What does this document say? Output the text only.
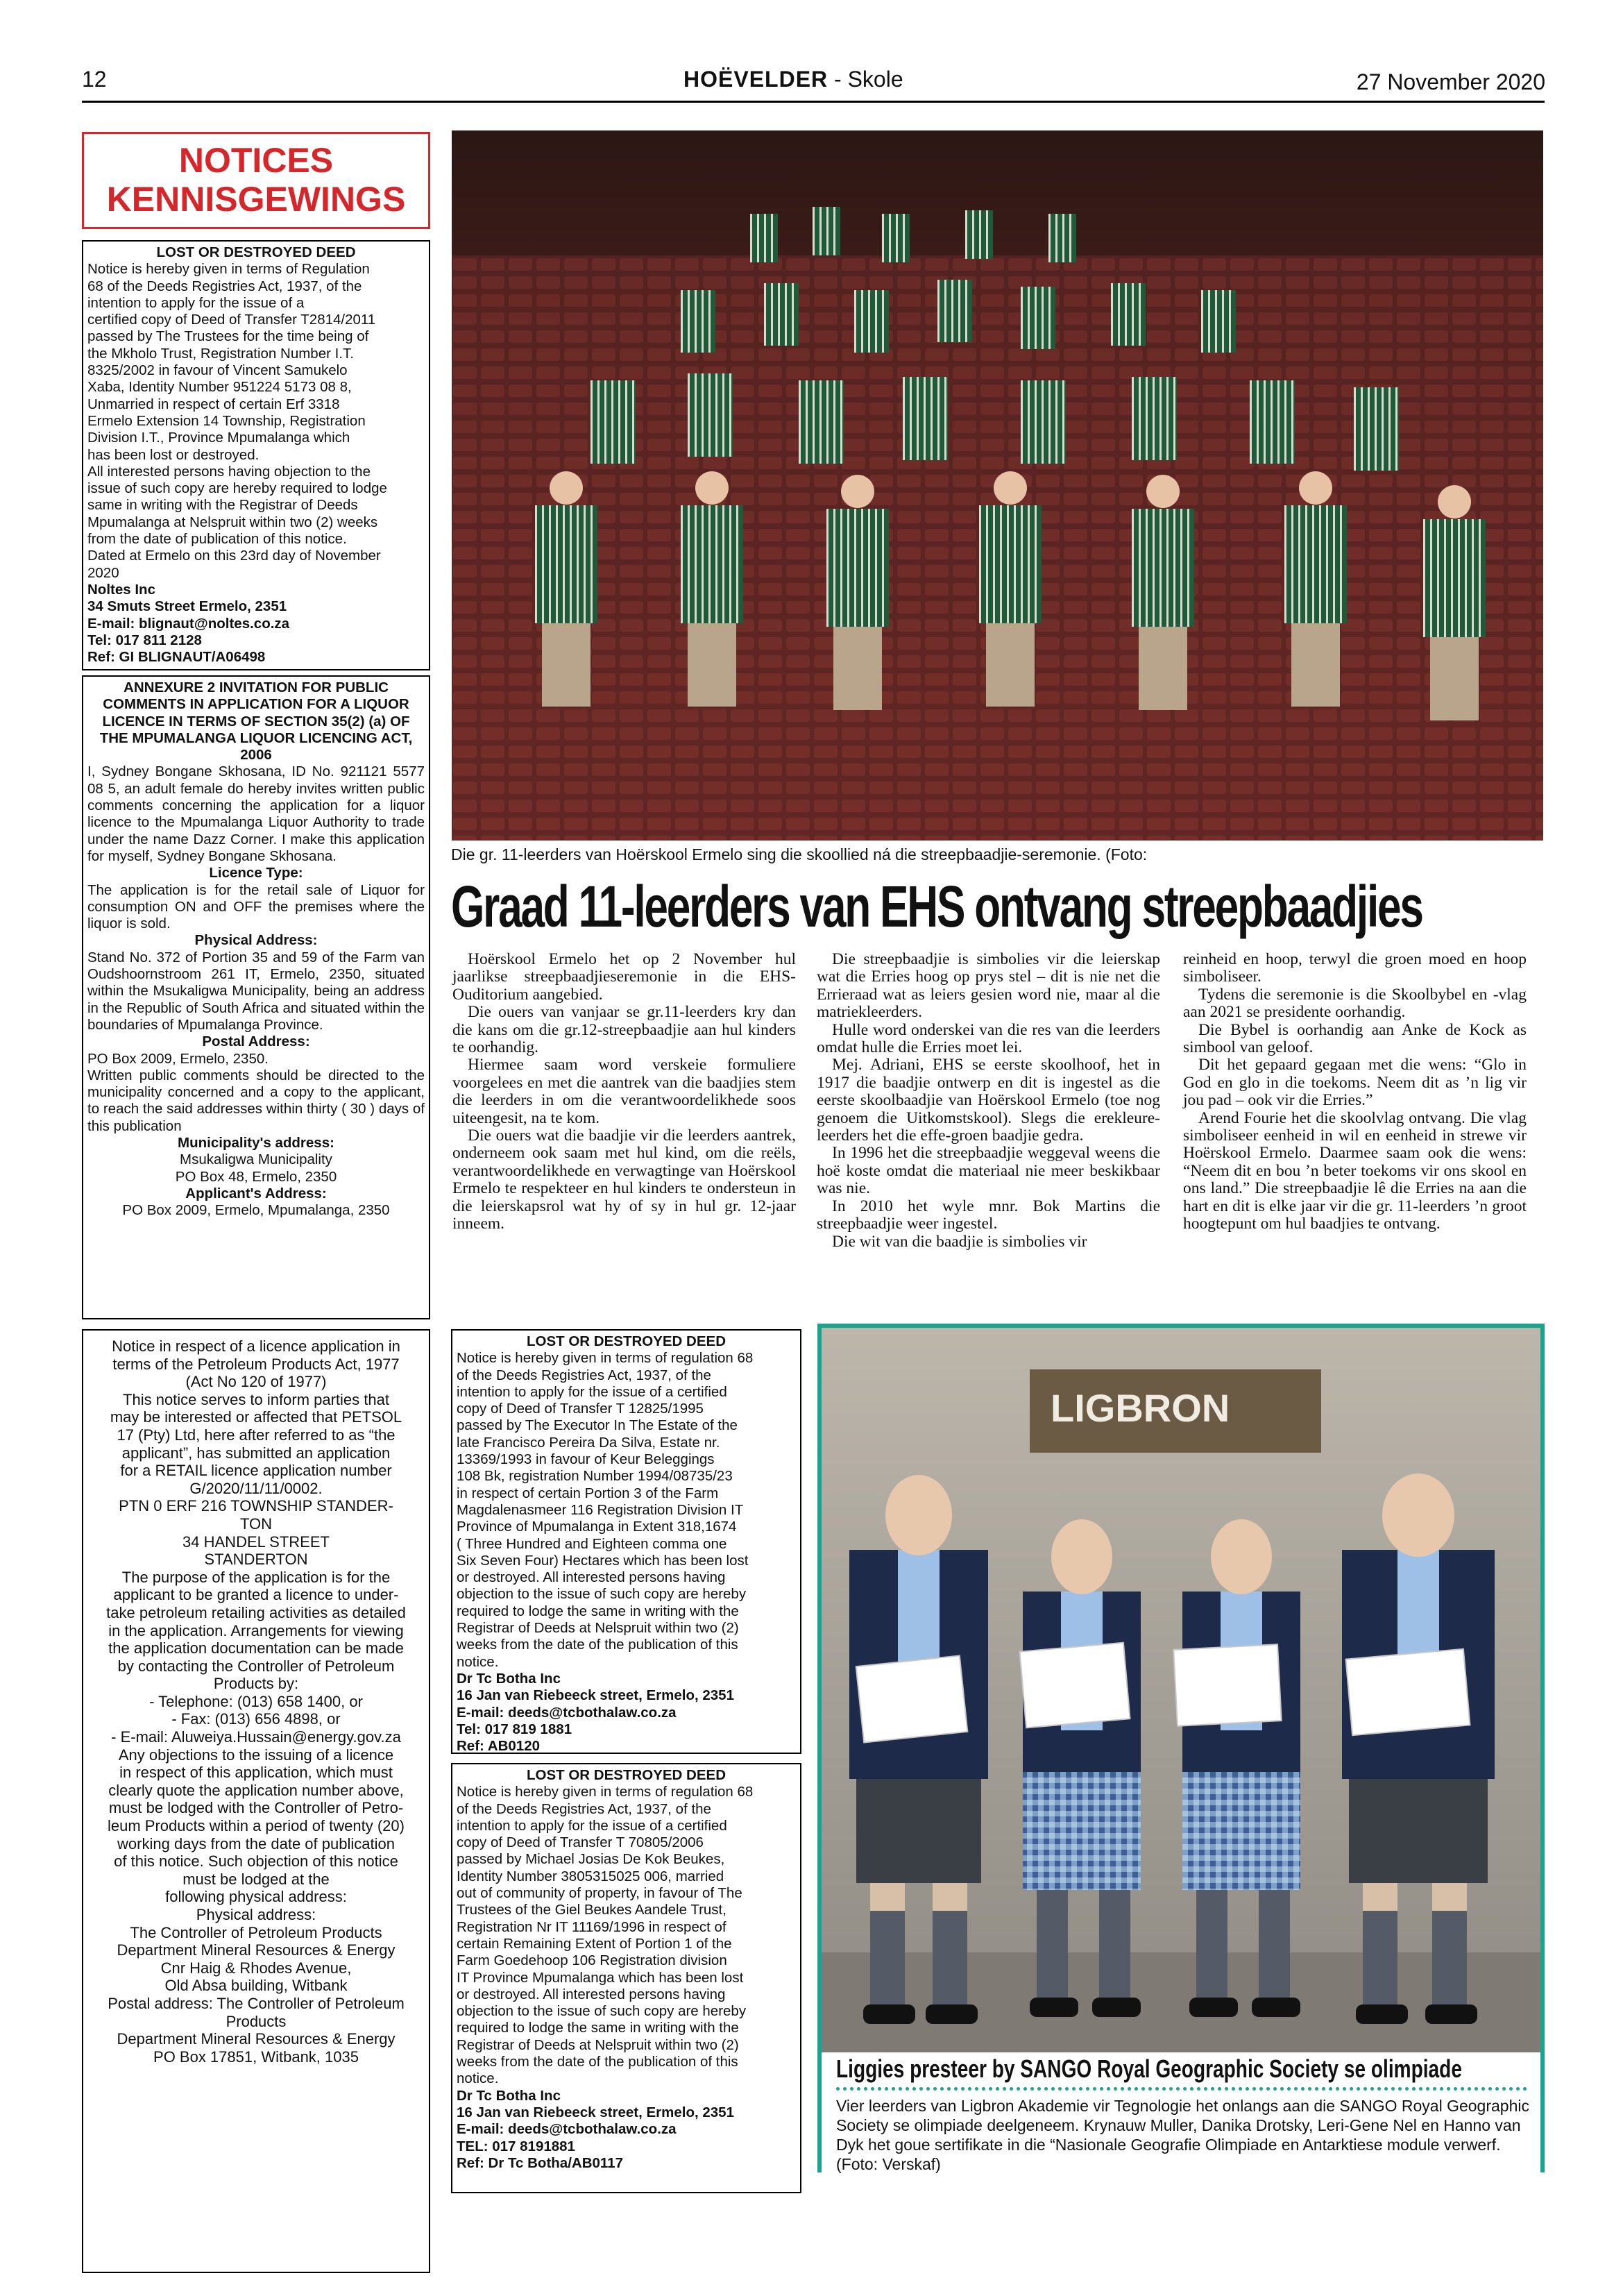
12	HOËVELDER - Skole	27 November 2020
NOTICES
KENNISGEWINGS
LOST OR DESTROYED DEED

Notice is hereby given in terms of Regulation

68 of the Deeds Registries Act, 1937, of the

intention to apply for the issue of a

certified copy of Deed of Transfer T2814/2011

passed by The Trustees for the time being of

the Mkholo Trust, Registration Number I.T.

8325/2002 in favour of Vincent Samukelo

Xaba, Identity Number 951224 5173 08 8,

Unmarried in respect of certain Erf 3318

Ermelo Extension 14 Township, Registration

Division I.T., Province Mpumalanga which

has been lost or destroyed.

All interested persons having objection to the

issue of such copy are hereby required to lodge

same in writing with the Registrar of Deeds

Mpumalanga at Nelspruit within two (2) weeks

from the date of publication of this notice.

Dated at Ermelo on this 23rd day of November

2020

Noltes Inc

34 Smuts Street Ermelo, 2351

E-mail: blignaut@noltes.co.za

Tel: 017 811 2128

Ref: GI BLIGNAUT/A06498

ANNEXURE 2 INVITATION FOR PUBLIC COMMENTS IN APPLICATION FOR A LIQUOR LICENCE IN TERMS OF SECTION 35(2) (a) OF THE MPUMALANGA LIQUOR LICENCING ACT, 2006

I, Sydney Bongane Skhosana, ID No. 921121 5577 08 5, an adult female do hereby invites written public comments concerning the application for a liquor licence to the Mpumalanga Liquor Authority to trade under the name Dazz Corner. I make this application for myself, Sydney Bongane Skhosana.

Licence Type:

The application is for the retail sale of Liquor for consumption ON and OFF the premises where the liquor is sold.

Physical Address:

Stand No. 372 of Portion 35 and 59 of the Farm van Oudshoornstroom 261 IT, Ermelo, 2350, situated within the Msukaligwa Municipality, being an address in the Republic of South Africa and situated within the boundaries of Mpumalanga Province.

Postal Address:

PO Box 2009, Ermelo, 2350.

Written public comments should be directed to the municipality concerned and a copy to the applicant, to reach the said addresses within thirty ( 30 ) days of this publication

Municipality's address:

Msukaligwa Municipality

PO Box 48, Ermelo, 2350

Applicant's Address:

PO Box 2009, Ermelo, Mpumalanga, 2350

Notice in respect of a licence application in

terms of the Petroleum Products Act, 1977

(Act No 120 of 1977)

This notice serves to inform parties that

may be interested or affected that PETSOL

17 (Pty) Ltd, here after referred to as “the

applicant”, has submitted an application

for a RETAIL licence application number

G/2020/11/11/0002.

PTN 0 ERF 216 TOWNSHIP STANDER-

TON

34 HANDEL STREET

STANDERTON

The purpose of the application is for the

applicant to be granted a licence to under-

take petroleum retailing activities as detailed

in the application. Arrangements for viewing

the application documentation can be made

by contacting the Controller of Petroleum

Products by:

- Telephone: (013) 658 1400, or

- Fax: (013) 656 4898, or

- E-mail: Aluweiya.Hussain@energy.gov.za

Any objections to the issuing of a licence

in respect of this application, which must

clearly quote the application number above,

must be lodged with the Controller of Petro-

leum Products within a period of twenty (20)

working days from the date of publication

of this notice. Such objection of this notice

must be lodged at the

following physical address:

Physical address:

The Controller of Petroleum Products

Department Mineral Resources & Energy

Cnr Haig & Rhodes Avenue,

Old Absa building, Witbank

Postal address: The Controller of Petroleum

Products

Department Mineral Resources & Energy

PO Box 17851, Witbank, 1035

LOST OR DESTROYED DEED

Notice is hereby given in terms of regulation 68

of the Deeds Registries Act, 1937, of the

intention to apply for the issue of a certified

copy of Deed of Transfer T 12825/1995

passed by The Executor In The Estate of the

late Francisco Pereira Da Silva, Estate nr.

13369/1993 in favour of Keur Beleggings

108 Bk, registration Number 1994/08735/23

in respect of certain Portion 3 of the Farm

Magdalenasmeer 116 Registration Division IT

Province of Mpumalanga in Extent 318,1674

( Three Hundred and Eighteen comma one

Six Seven Four) Hectares which has been lost

or destroyed. All interested persons having

objection to the issue of such copy are hereby

required to lodge the same in writing with the

Registrar of Deeds at Nelspruit within two (2)

weeks from the date of the publication of this

notice.

Dr Tc Botha Inc

16 Jan van Riebeeck street, Ermelo, 2351

E-mail: deeds@tcbothalaw.co.za

Tel: 017 819 1881

Ref: AB0120

LOST OR DESTROYED DEED

Notice is hereby given in terms of regulation 68

of the Deeds Registries Act, 1937, of the

intention to apply for the issue of a certified

copy of Deed of Transfer T 70805/2006

passed by Michael Josias De Kok Beukes,

Identity Number 3805315025 006, married

out of community of property, in favour of The

Trustees of the Giel Beukes Aandele Trust,

Registration Nr IT 11169/1996 in respect of

certain Remaining Extent of Portion 1 of the

Farm Goedehoop 106 Registration division

IT Province Mpumalanga which has been lost

or destroyed. All interested persons having

objection to the issue of such copy are hereby

required to lodge the same in writing with the

Registrar of Deeds at Nelspruit within two (2)

weeks from the date of the publication of this

notice.

Dr Tc Botha Inc

16 Jan van Riebeeck street, Ermelo, 2351

E-mail: deeds@tcbothalaw.co.za

TEL: 017 8191881

Ref: Dr Tc Botha/AB0117

Die gr. 11-leerders van Hoërskool Ermelo sing die skoollied ná die streepbaadjie-seremonie. (Foto:
Graad 11-leerders van EHS ontvang streepbaadjies

Hoërskool Ermelo het op 2 November hul jaarlikse streepbaadjieseremonie in die EHS-Ouditorium aangebied.

Die ouers van vanjaar se gr.11-leerders kry dan die kans om die gr.12-streepbaadjie aan hul kinders te oorhandig.

Hiermee saam word verskeie formuliere voorgelees en met die aantrek van die baadjies stem die leerders in om die verantwoordelikhede soos uiteengesit, na te kom.

Die ouers wat die baadjie vir die leerders aantrek, onderneem ook saam met hul kind, om die reëls, verantwoordelikhede en verwagtinge van Hoërskool Ermelo te respekteer en hul kinders te ondersteun in die leierskapsrol wat hy of sy in hul gr. 12-jaar inneem.

Die streepbaadjie is simbolies vir die leierskap wat die Erries hoog op prys stel – dit is nie net die Errieraad wat as leiers gesien word nie, maar al die matriekleerders.

Hulle word onderskei van die res van die leerders omdat hulle die Erries moet lei.

Mej. Adriani, EHS se eerste skoolhoof, het in 1917 die baadjie ontwerp en dit is ingestel as die eerste skoolbaadjie van Hoërskool Ermelo (toe nog genoem die Uitkomstskool). Slegs die erekleure-leerders het die effe-groen baadjie gedra.

In 1996 het die streepbaadjie weggeval weens die hoë koste omdat die materiaal nie meer beskikbaar was nie.

In 2010 het wyle mnr. Bok Martins die streepbaadjie weer ingestel.

Die wit van die baadjie is simbolies vir

reinheid en hoop, terwyl die groen moed en hoop simboliseer.

Tydens die seremonie is die Skoolbybel en -vlag aan 2021 se presidente oorhandig.

Die Bybel is oorhandig aan Anke de Kock as simbool van geloof.

Dit het gepaard gegaan met die wens: “Glo in God en glo in die toekoms. Neem dit as ’n lig vir jou pad – ook vir die Erries.”

Arend Fourie het die skoolvlag ontvang. Die vlag simboliseer eenheid in wil en eenheid in strewe vir Hoërskool Ermelo. Daarmee saam ook die wens: “Neem dit en bou ’n beter toekoms vir ons skool en ons land.” Die streepbaadjie lê die Erries na aan die hart en dit is elke jaar vir die gr. 11-leerders ’n groot hoogtepunt om hul baadjies te ontvang.

LIGBRON
Liggies presteer by SANGO Royal Geographic Society se olimpiade
Vier leerders van Ligbron Akademie vir Tegnologie het onlangs aan die SANGO Royal Geographic Society se olimpiade deelgeneem. Krynauw Muller, Danika Drotsky, Leri-Gene Nel en Hanno van Dyk het goue sertifikate in die “Nasionale Geografie Olimpiade en Antarktiese module verwerf. (Foto: Verskaf)
